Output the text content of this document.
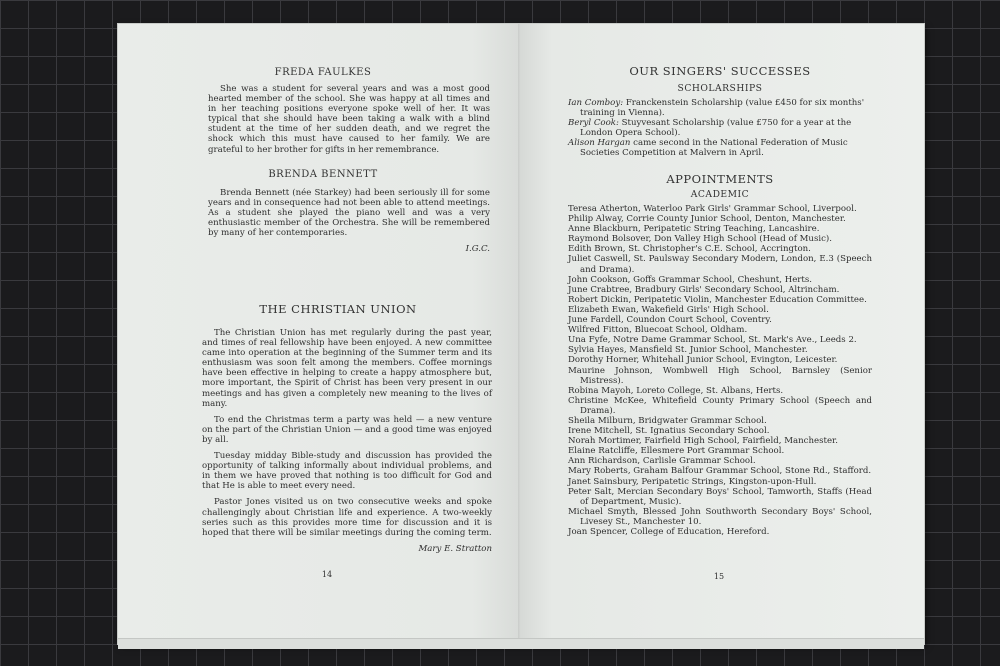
FREDA FAULKES

She was a student for several years and was a most good hearted member of the school. She was happy at all times and in her teaching positions everyone spoke well of her. It was typical that she should have been taking a walk with a blind student at the time of her sudden death, and we regret the shock which this must have caused to her family. We are grateful to her brother for gifts in her remembrance.

BRENDA BENNETT

Brenda Bennett (née Starkey) had been seriously ill for some years and in consequence had not been able to attend meetings. As a student she played the piano well and was a very enthusiastic member of the Orchestra. She will be remembered by many of her contemporaries.

I.G.C.
THE CHRISTIAN UNION

The Christian Union has met regularly during the past year, and times of real fellowship have been enjoyed. A new committee came into operation at the beginning of the Summer term and its enthusiasm was soon felt among the members. Coffee mornings have been effective in helping to create a happy atmosphere but, more important, the Spirit of Christ has been very present in our meetings and has given a completely new meaning to the lives of many.

To end the Christmas term a party was held — a new venture on the part of the Christian Union — and a good time was enjoyed by all.

Tuesday midday Bible-study and discussion has provided the opportunity of talking informally about individual problems, and in them we have proved that nothing is too difficult for God and that He is able to meet every need.

Pastor Jones visited us on two consecutive weeks and spoke challengingly about Christian life and experience. A two-weekly series such as this provides more time for discussion and it is hoped that there will be similar meetings during the coming term.

Mary E. Stratton
14
OUR SINGERS' SUCCESSES
SCHOLARSHIPS
Ian Comboy: Franckenstein Scholarship (value £450 for six months' training in Vienna).
Beryl Cook: Stuyvesant Scholarship (value £750 for a year at the London Opera School).
Alison Hargan came second in the National Federation of Music Societies Competition at Malvern in April.
APPOINTMENTS
ACADEMIC
Teresa Atherton, Waterloo Park Girls' Grammar School, Liverpool.
Philip Alway, Corrie County Junior School, Denton, Manchester.
Anne Blackburn, Peripatetic String Teaching, Lancashire.
Raymond Bolsover, Don Valley High School (Head of Music).
Edith Brown, St. Christopher's C.E. School, Accrington.
Juliet Caswell, St. Paulsway Secondary Modern, London, E.3 (Speech and Drama).
John Cookson, Goffs Grammar School, Cheshunt, Herts.
June Crabtree, Bradbury Girls' Secondary School, Altrincham.
Robert Dickin, Peripatetic Violin, Manchester Education Committee.
Elizabeth Ewan, Wakefield Girls' High School.
June Fardell, Coundon Court School, Coventry.
Wilfred Fitton, Bluecoat School, Oldham.
Una Fyfe, Notre Dame Grammar School, St. Mark's Ave., Leeds 2.
Sylvia Hayes, Mansfield St. Junior School, Manchester.
Dorothy Horner, Whitehall Junior School, Evington, Leicester.
Maurine Johnson, Wombwell High School, Barnsley (Senior Mistress).
Robina Mayoh, Loreto College, St. Albans, Herts.
Christine McKee, Whitefield County Primary School (Speech and Drama).
Sheila Milburn, Bridgwater Grammar School.
Irene Mitchell, St. Ignatius Secondary School.
Norah Mortimer, Fairfield High School, Fairfield, Manchester.
Elaine Ratcliffe, Ellesmere Port Grammar School.
Ann Richardson, Carlisle Grammar School.
Mary Roberts, Graham Balfour Grammar School, Stone Rd., Stafford.
Janet Sainsbury, Peripatetic Strings, Kingston-upon-Hull.
Peter Salt, Mercian Secondary Boys' School, Tamworth, Staffs (Head of Department, Music).
Michael Smyth, Blessed John Southworth Secondary Boys' School, Livesey St., Manchester 10.
Joan Spencer, College of Education, Hereford.
15
